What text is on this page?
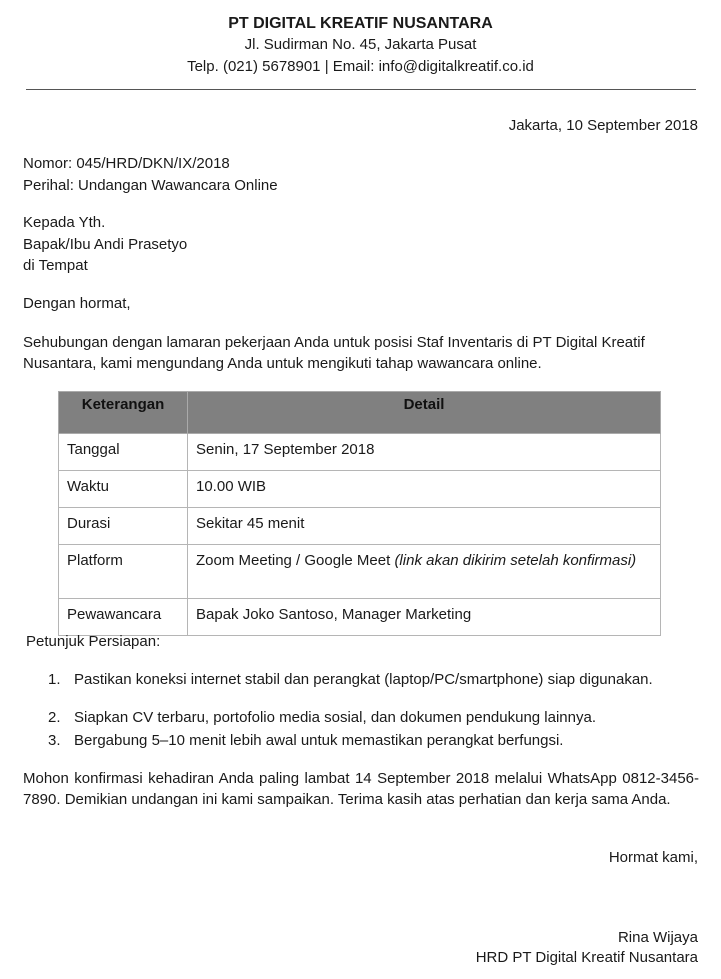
PT DIGITAL KREATIF NUSANTARA
Jl. Sudirman No. 45, Jakarta Pusat
Telp. (021) 5678901 | Email: info@digitalkreatif.co.id
Jakarta, 10 September 2018
Nomor: 045/HRD/DKN/IX/2018
Perihal: Undangan Wawancara Online
Kepada Yth.
Bapak/Ibu Andi Prasetyo
di Tempat
Dengan hormat,
Sehubungan dengan lamaran pekerjaan Anda untuk posisi Staf Inventaris di PT Digital Kreatif Nusantara, kami mengundang Anda untuk mengikuti tahap wawancara online.
Keterangan	Detail
Tanggal	Senin, 17 September 2018
Waktu	10.00 WIB
Durasi	Sekitar 45 menit
Platform	Zoom Meeting / Google Meet (link akan dikirim setelah konfirmasi)
Pewawancara	Bapak Joko Santoso, Manager Marketing
Petunjuk Persiapan:
1. Pastikan koneksi internet stabil dan perangkat (laptop/PC/smartphone) siap digunakan.
2. Siapkan CV terbaru, portofolio media sosial, dan dokumen pendukung lainnya.
3. Bergabung 5–10 menit lebih awal untuk memastikan perangkat berfungsi.
Mohon konfirmasi kehadiran Anda paling lambat 14 September 2018 melalui WhatsApp 0812-3456-7890. Demikian undangan ini kami sampaikan. Terima kasih atas perhatian dan kerja sama Anda.
Hormat kami,
Rina Wijaya
HRD PT Digital Kreatif Nusantara
